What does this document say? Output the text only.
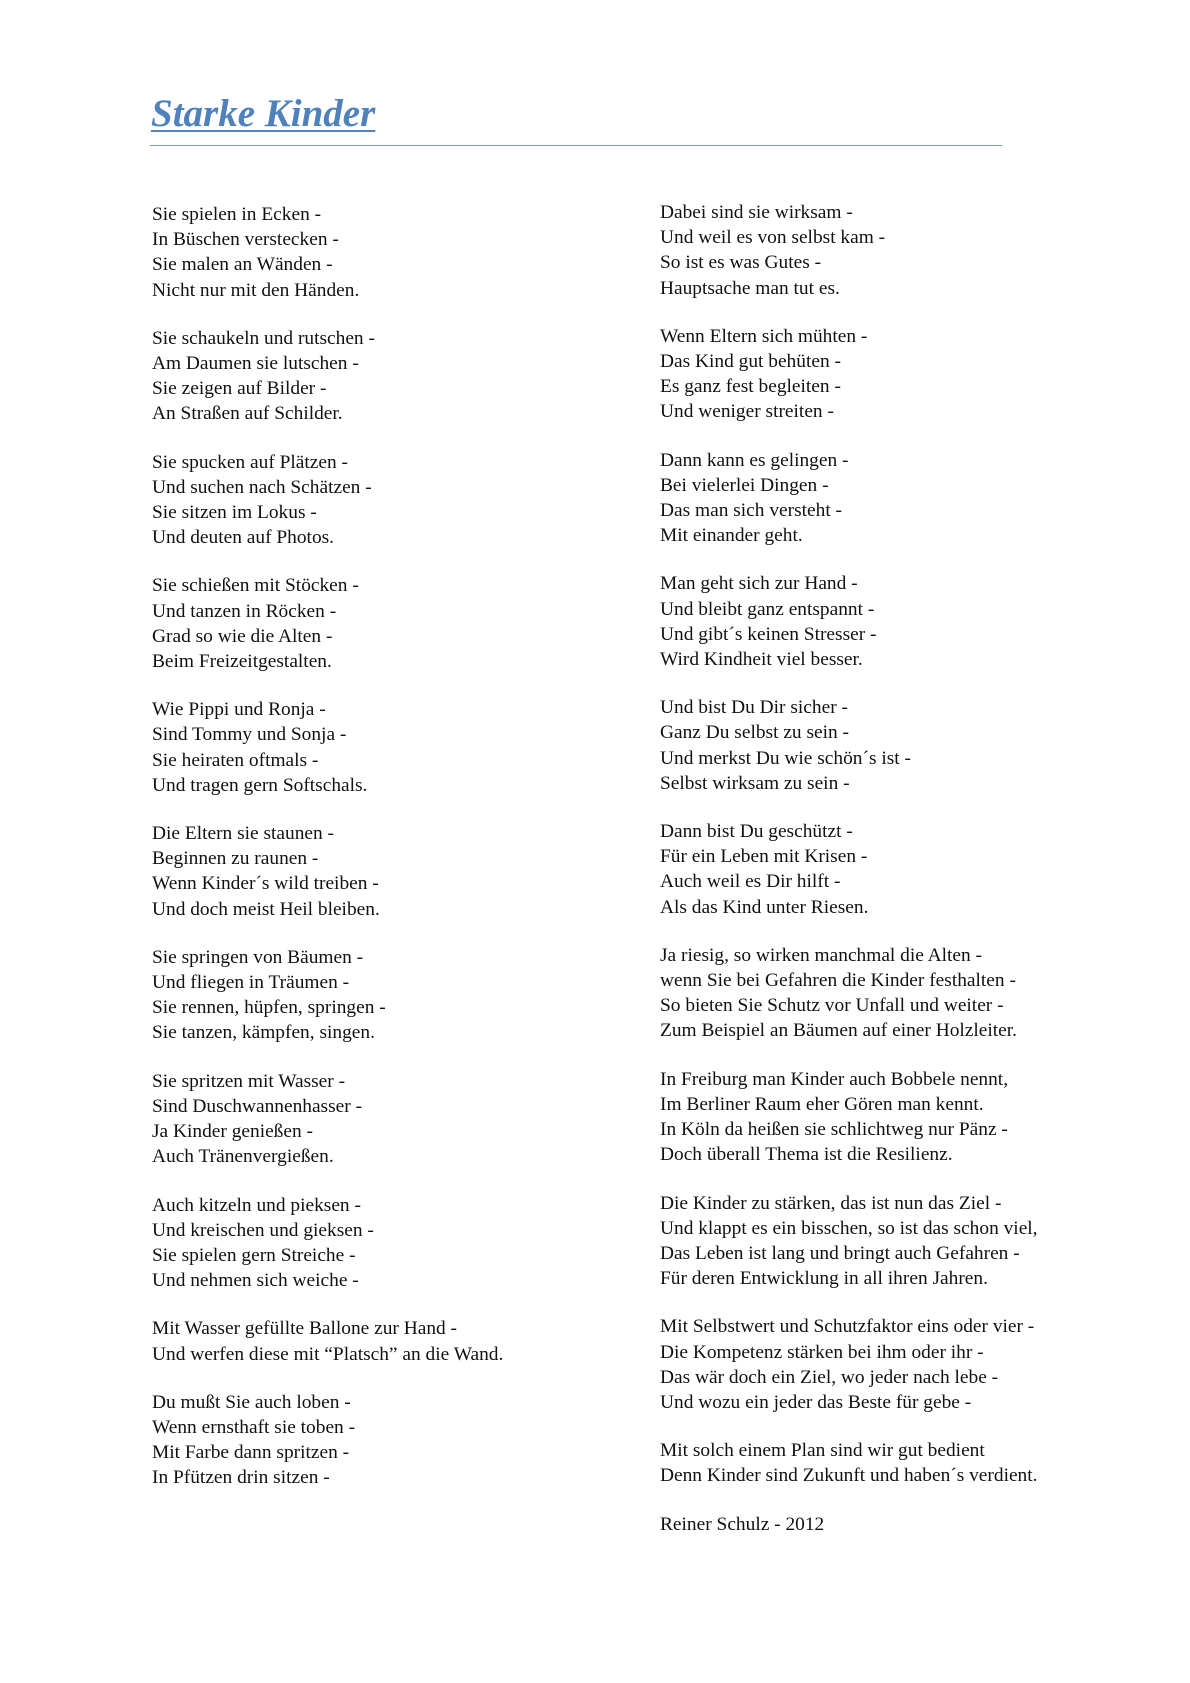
Starke Kinder
Sie spielen in Ecken -
In Büschen verstecken -
Sie malen an Wänden -
Nicht nur mit den Händen.
Sie schaukeln und rutschen -
Am Daumen sie lutschen -
Sie zeigen auf Bilder -
An Straßen auf Schilder.
Sie spucken auf Plätzen -
Und suchen nach Schätzen -
Sie sitzen im Lokus -
Und deuten auf Photos.
Sie schießen mit Stöcken -
Und tanzen in Röcken -
Grad so wie die Alten -
Beim Freizeitgestalten.
Wie Pippi und Ronja -
Sind Tommy und Sonja -
Sie heiraten oftmals -
Und tragen gern Softschals.
Die Eltern sie staunen -
Beginnen zu raunen -
Wenn Kinder´s wild treiben -
Und doch meist Heil bleiben.
Sie springen von Bäumen -
Und fliegen in Träumen -
Sie rennen, hüpfen, springen -
Sie tanzen, kämpfen, singen.
Sie spritzen mit Wasser -
Sind Duschwannenhasser -
Ja Kinder genießen -
Auch Tränenvergießen.
Auch kitzeln und pieksen -
Und kreischen und gieksen -
Sie spielen gern Streiche -
Und nehmen sich weiche -
Mit Wasser gefüllte Ballone zur Hand -
Und werfen diese mit “Platsch” an die Wand.
Du mußt Sie auch loben -
Wenn ernsthaft sie toben -
Mit Farbe dann spritzen -
In Pfützen drin sitzen -
Dabei sind sie wirksam -
Und weil es von selbst kam -
So ist es was Gutes -
Hauptsache man tut es.
Wenn Eltern sich mühten -
Das Kind gut behüten -
Es ganz fest begleiten -
Und weniger streiten -
Dann kann es gelingen -
Bei vielerlei Dingen -
Das man sich versteht -
Mit einander geht.
Man geht sich zur Hand -
Und bleibt ganz entspannt -
Und gibt´s keinen Stresser -
Wird Kindheit viel besser.
Und bist Du Dir sicher -
Ganz Du selbst zu sein -
Und merkst Du wie schön´s ist -
Selbst wirksam zu sein -
Dann bist Du geschützt -
Für ein Leben mit Krisen -
Auch weil es Dir hilft -
Als das Kind unter Riesen.
Ja riesig, so wirken manchmal die Alten -
wenn Sie bei Gefahren die Kinder festhalten -
So bieten Sie Schutz vor Unfall und weiter -
Zum Beispiel an Bäumen auf einer Holzleiter.
In Freiburg man Kinder auch Bobbele nennt,
Im Berliner Raum eher Gören man kennt.
In Köln da heißen sie schlichtweg nur Pänz -
Doch überall Thema ist die Resilienz.
Die Kinder zu stärken, das ist nun das Ziel -
Und klappt es ein bisschen, so ist das schon viel,
Das Leben ist lang und bringt auch Gefahren -
Für deren Entwicklung in all ihren Jahren.
Mit Selbstwert und Schutzfaktor eins oder vier -
Die Kompetenz stärken bei ihm oder ihr -
Das wär doch ein Ziel, wo jeder nach lebe -
Und wozu ein jeder das Beste für gebe -
Mit solch einem Plan sind wir gut bedient
Denn Kinder sind Zukunft und haben´s verdient.
Reiner Schulz - 2012
